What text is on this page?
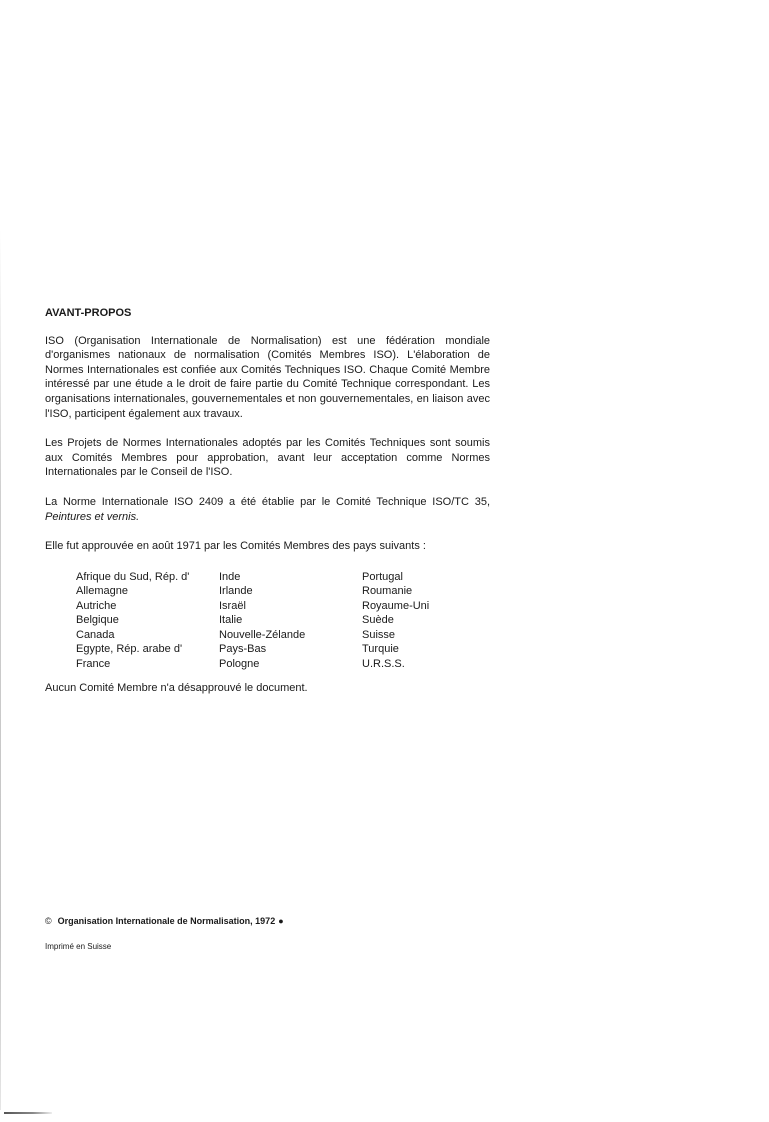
AVANT-PROPOS

ISO (Organisation Internationale de Normalisation) est une fédération mondiale d'organismes nationaux de normalisation (Comités Membres ISO). L'élaboration de Normes Internationales est confiée aux Comités Techniques ISO. Chaque Comité Membre intéressé par une étude a le droit de faire partie du Comité Technique correspondant. Les organisations internationales, gouvernementales et non gouvernementales, en liaison avec l'ISO, participent également aux travaux.

Les Projets de Normes Internationales adoptés par les Comités Techniques sont soumis aux Comités Membres pour approbation, avant leur acceptation comme Normes Internationales par le Conseil de l'ISO.

La Norme Internationale ISO 2409 a été établie par le Comité Technique ISO/TC 35, Peintures et vernis.

Elle fut approuvée en août 1971 par les Comités Membres des pays suivants :

Afrique du Sud, Rép. d'
Allemagne
Autriche
Belgique
Canada
Egypte, Rép. arabe d'
France
Inde
Irlande
Israël
Italie
Nouvelle-Zélande
Pays-Bas
Pologne
Portugal
Roumanie
Royaume-Uni
Suède
Suisse
Turquie
U.R.S.S.

Aucun Comité Membre n'a désapprouvé le document.

© Organisation Internationale de Normalisation, 1972 ●
Imprimé en Suisse
